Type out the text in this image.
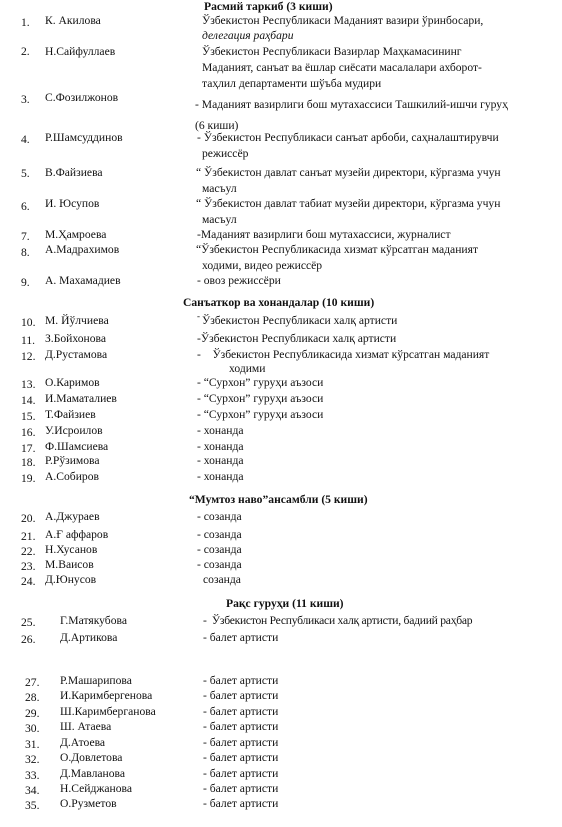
Расмий таркиб (3 киши)
Санъаткор ва хонандалар (10 киши)
“Мумтоз наво”ансамбли (5 киши)
Рақс гуруҳи (11 киши)
1. К. Акилова	Ўзбекистон Республикаси Маданият вазири ўринбосари,
делегация раҳбари
2. Н.Сайфуллаев	Ўзбекистон Республикаси Вазирлар Маҳкамасининг
Маданият, санъат ва ёшлар сиёсати масалалари ахборот-
таҳлил департаменти шўъба мудири
3. С.Фозилжонов
- Маданият вазирлиги бош мутахассиси Ташкилий-ишчи гуруҳ
(6 киши)
4. Р.Шамсуддинов	- Ўзбекистон Республикаси санъат арбоби, саҳналаштирувчи
режиссёр
5. В.Файзиева	“ Ўзбекистон давлат санъат музейи директори, кўргазма учун
масъул
6. И. Юсупов	“ Ўзбекистон давлат табиат музейи директори, кўргазма учун
масъул
7. М.Ҳамроева	-Маданият вазирлиги бош мутахассиси, журналист
8. А.Мадрахимов	“Ўзбекистон Республикасида хизмат кўрсатган маданият
ходими, видео режиссёр
9. А. Махамадиев	- овоз режиссёри
10. М. Йўлчиева	- Ўзбекистон Республикаси халқ артисти
11. З.Бойхонова	-Ўзбекистон Республикаси халқ артисти
12. Д.Рустамова	-    Ўзбекистон Республикасида хизмат кўрсатган маданият
ходими
13. О.Каримов	- “Сурхон” гуруҳи аъзоси
14. И.Маматалиев	- “Сурхон” гуруҳи аъзоси
15. Т.Файзиев	- “Сурхон” гуруҳи аъзоси
16. У.Исроилов	- хонанда
17. Ф.Шамсиева	- хонанда
18. Р.Рўзимова	- хонанда
19. А.Собиров	- хонанда
20. А.Джураев	- созанда
21. А.Ғ аффаров	- созанда
22. Н.Хусанов	- созанда
23. М.Ваисов	- созанда
24. Д.Юнусов	созанда
25. Г.Матякубова	-  Ўзбекистон Республикаси халқ артисти, бадиий раҳбар
26. Д.Артикова	- балет артисти
27. Р.Машарипова	- балет артисти
28. И.Каримбергенова	- балет артисти
29. Ш.Каримберганова	- балет артисти
30. Ш. Атаева	- балет артисти
31. Д.Атоева	- балет артисти
32. О.Довлетова	- балет артисти
33. Д.Мавланова	- балет артисти
34. Н.Сейджанова	- балет артисти
35. О.Рузметов	- балет артисти
